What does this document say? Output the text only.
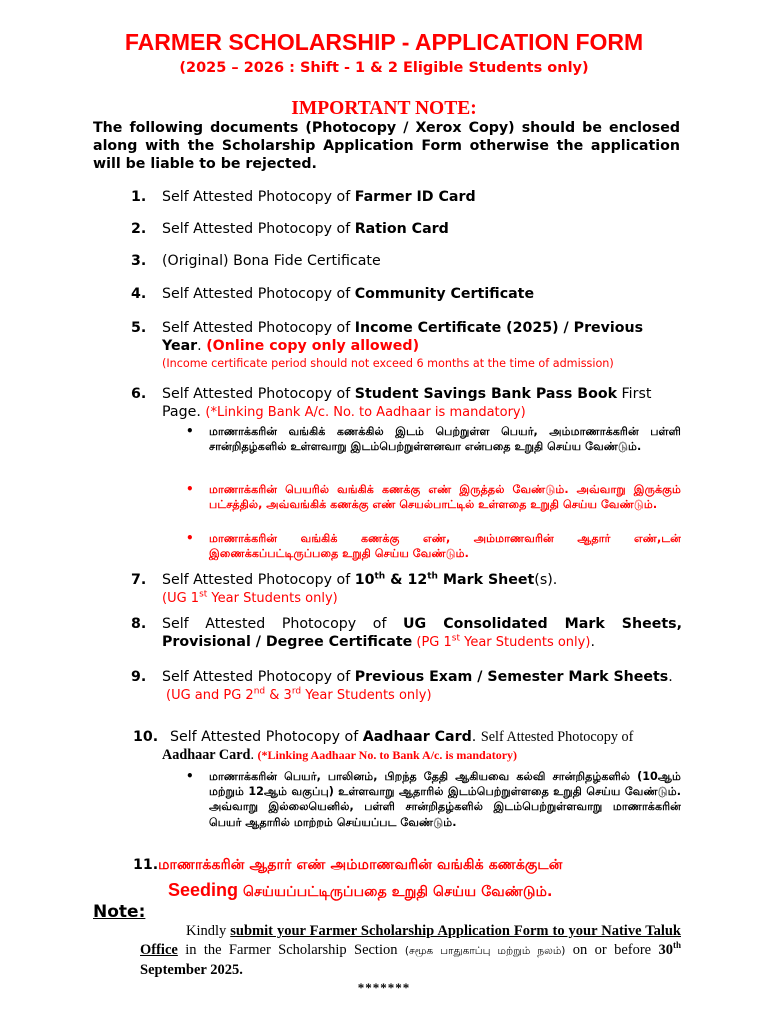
FARMER SCHOLARSHIP - APPLICATION FORM
(2025 – 2026 : Shift - 1 & 2 Eligible Students only)
IMPORTANT NOTE:
The following documents (Photocopy / Xerox Copy) should be enclosed along with the Scholarship Application Form otherwise the application will be liable to be rejected.
1. Self Attested Photocopy of Farmer ID Card
2. Self Attested Photocopy of Ration Card
3. (Original) Bona Fide Certificate
4. Self Attested Photocopy of Community Certificate
5. Self Attested Photocopy of Income Certificate (2025) / Previous Year. (Online copy only allowed)
(Income certificate period should not exceed 6 months at the time of admission)
6. Self Attested Photocopy of Student Savings Bank Pass Book First Page. (*Linking Bank A/c. No. to Aadhaar is mandatory)
• மாணாக்கரின் வங்கிக் கணக்கில் இடம் பெற்றுள்ள பெயர், அம்மாணாக்கரின் பள்ளி சான்றிதழ்களில் உள்ளவாறு இடம்பெற்றுள்ளனவா என்பதை உறுதி செய்ய வேண்டும்.
• மாணாக்கரின் பெயரில் வங்கிக் கணக்கு எண் இருத்தல் வேண்டும். அவ்வாறு இருக்கும் பட்சத்தில், அவ்வங்கிக் கணக்கு எண் செயல்பாட்டில் உள்ளதை உறுதி செய்ய வேண்டும்.
• மாணாக்கரின் வங்கிக் கணக்கு எண், அம்மாணவரின் ஆதார் எண்,டன் இணைக்கப்பட்டிருப்பதை உறுதி செய்ய வேண்டும்.
7. Self Attested Photocopy of 10th & 12th Mark Sheet(s).
(UG 1st Year Students only)
8. Self Attested Photocopy of UG Consolidated Mark Sheets, Provisional / Degree Certificate (PG 1st Year Students only).
9. Self Attested Photocopy of Previous Exam / Semester Mark Sheets.
(UG and PG 2nd & 3rd Year Students only)
10. Self Attested Photocopy of Aadhaar Card. Self Attested Photocopy of Aadhaar Card. (*Linking Aadhaar No. to Bank A/c. is mandatory)
• மாணாக்கரின் பெயர், பாலினம், பிறந்த தேதி ஆகியவை கல்வி சான்றிதழ்களில் (10ஆம் மற்றும் 12ஆம் வகுப்பு) உள்ளவாறு ஆதாரில் இடம்பெற்றுள்ளதை உறுதி செய்ய வேண்டும். அவ்வாறு இல்லையெனில், பள்ளி சான்றிதழ்களில் இடம்பெற்றுள்ளவாறு மாணாக்கரின் பெயர் ஆதாரில் மாற்றம் செய்யப்பட வேண்டும்.
11.மாணாக்கரின் ஆதார் எண் அம்மாணவரின் வங்கிக் கணக்குடன்
Seeding செய்யப்பட்டிருப்பதை உறுதி செய்ய வேண்டும்.
Note:
Kindly submit your Farmer Scholarship Application Form to your Native Taluk Office in the Farmer Scholarship Section (சமூக பாதுகாப்பு மற்றும் நலம்) on or before 30th September 2025.
*******
